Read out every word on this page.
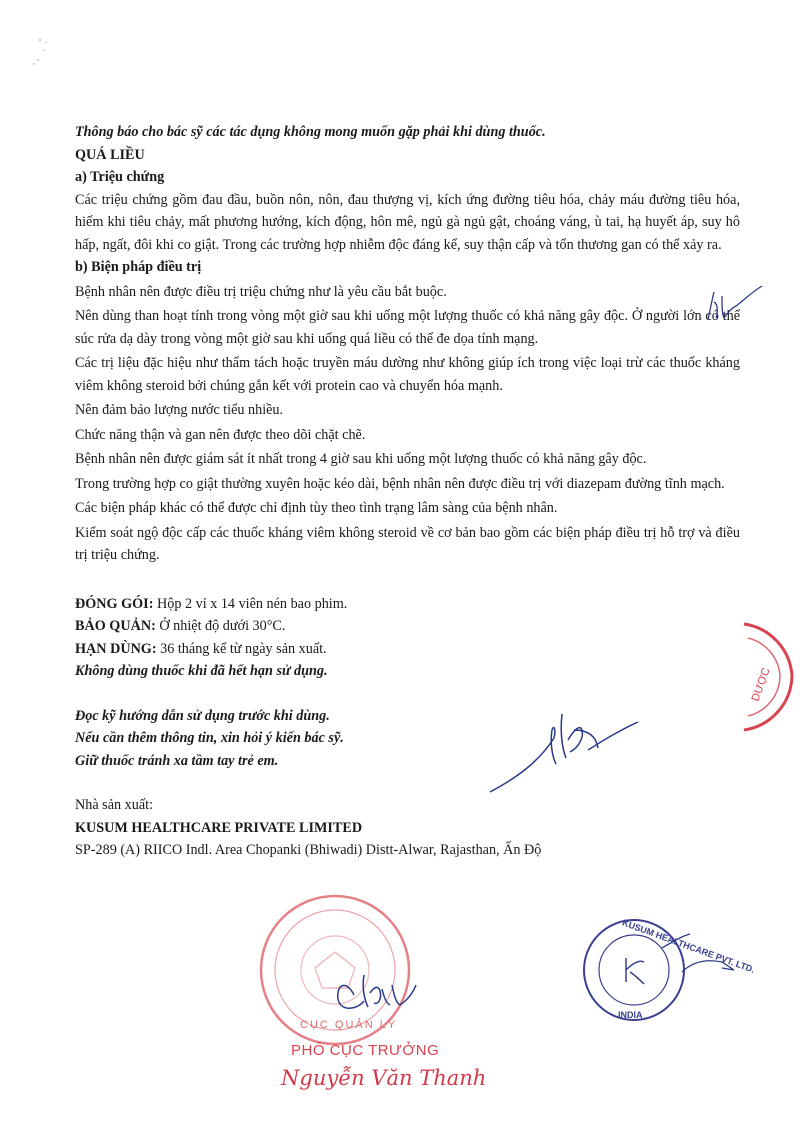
Thông báo cho bác sỹ các tác dụng không mong muốn gặp phải khi dùng thuốc.

QUÁ LIỀU

a) Triệu chứng

Các triệu chứng gồm đau đầu, buồn nôn, nôn, đau thượng vị, kích ứng đường tiêu hóa, chảy máu đường tiêu hóa, hiếm khi tiêu chảy, mất phương hướng, kích động, hôn mê, ngủ gà ngủ gật, choáng váng, ù tai, hạ huyết áp, suy hô hấp, ngất, đôi khi co giật. Trong các trường hợp nhiễm độc đáng kể, suy thận cấp và tổn thương gan có thể xảy ra.

b) Biện pháp điều trị

Bệnh nhân nên được điều trị triệu chứng như là yêu cầu bắt buộc.

Nên dùng than hoạt tính trong vòng một giờ sau khi uống một lượng thuốc có khả năng gây độc. Ở người lớn có thể súc rửa dạ dày trong vòng một giờ sau khi uống quá liều có thể đe dọa tính mạng.

Các trị liệu đặc hiệu như thẩm tách hoặc truyền máu dường như không giúp ích trong việc loại trừ các thuốc kháng viêm không steroid bởi chúng gắn kết với protein cao và chuyển hóa mạnh.

Nên đảm bảo lượng nước tiểu nhiều.

Chức năng thận và gan nên được theo dõi chặt chẽ.

Bệnh nhân nên được giám sát ít nhất trong 4 giờ sau khi uống một lượng thuốc có khả năng gây độc.

Trong trường hợp co giật thường xuyên hoặc kéo dài, bệnh nhân nên được điều trị với diazepam đường tĩnh mạch.

Các biện pháp khác có thể được chỉ định tùy theo tình trạng lâm sàng của bệnh nhân.

Kiểm soát ngộ độc cấp các thuốc kháng viêm không steroid về cơ bản bao gồm các biện pháp điều trị hỗ trợ và điều trị triệu chứng.

ĐÓNG GÓI: Hộp 2 vỉ x 14 viên nén bao phim.

BẢO QUẢN: Ở nhiệt độ dưới 30°C.

HẠN DÙNG: 36 tháng kể từ ngày sản xuất.

Không dùng thuốc khi đã hết hạn sử dụng.

Đọc kỹ hướng dẫn sử dụng trước khi dùng.

Nếu cần thêm thông tin, xin hỏi ý kiến bác sỹ.

Giữ thuốc tránh xa tầm tay trẻ em.

Nhà sản xuất:

KUSUM HEALTHCARE PRIVATE LIMITED

SP-289 (A) RIICO Indl. Area Chopanki (Bhiwadi) Distt-Alwar, Rajasthan, Ấn Độ

DƯỢC
CỤC QUẢN LÝ
KUSUM HEALTHCARE PVT. LTD.
INDIA
PHÓ CỤC TRƯỞNG
Nguyễn Văn Thanh
